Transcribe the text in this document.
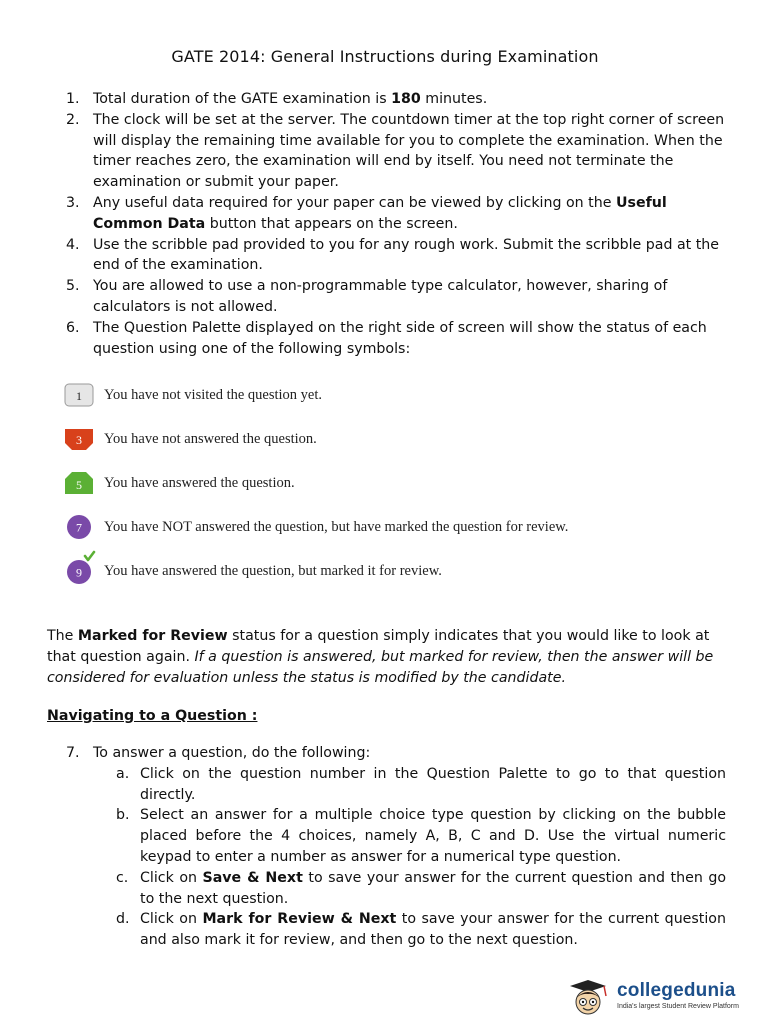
GATE 2014: General Instructions during Examination
1. Total duration of the GATE examination is 180 minutes.
2. The clock will be set at the server. The countdown timer at the top right corner of screen will display the remaining time available for you to complete the examination. When the timer reaches zero, the examination will end by itself. You need not terminate the examination or submit your paper.
3. Any useful data required for your paper can be viewed by clicking on the Useful Common Data button that appears on the screen.
4. Use the scribble pad provided to you for any rough work. Submit the scribble pad at the end of the examination.
5. You are allowed to use a non-programmable type calculator, however, sharing of calculators is not allowed.
6. The Question Palette displayed on the right side of screen will show the status of each question using one of the following symbols:
1 You have not visited the question yet.
3 You have not answered the question.
5 You have answered the question.
7 You have NOT answered the question, but have marked the question for review.
9 You have answered the question, but marked it for review.
The Marked for Review status for a question simply indicates that you would like to look at that question again. If a question is answered, but marked for review, then the answer will be considered for evaluation unless the status is modified by the candidate.
Navigating to a Question :
7. To answer a question, do the following:
a. Click on the question number in the Question Palette to go to that question directly.
b. Select an answer for a multiple choice type question by clicking on the bubble placed before the 4 choices, namely A, B, C and D. Use the virtual numeric keypad to enter a number as answer for a numerical type question.
c. Click on Save & Next to save your answer for the current question and then go to the next question.
d. Click on Mark for Review & Next to save your answer for the current question and also mark it for review, and then go to the next question.
collegedunia
India's largest Student Review Platform
